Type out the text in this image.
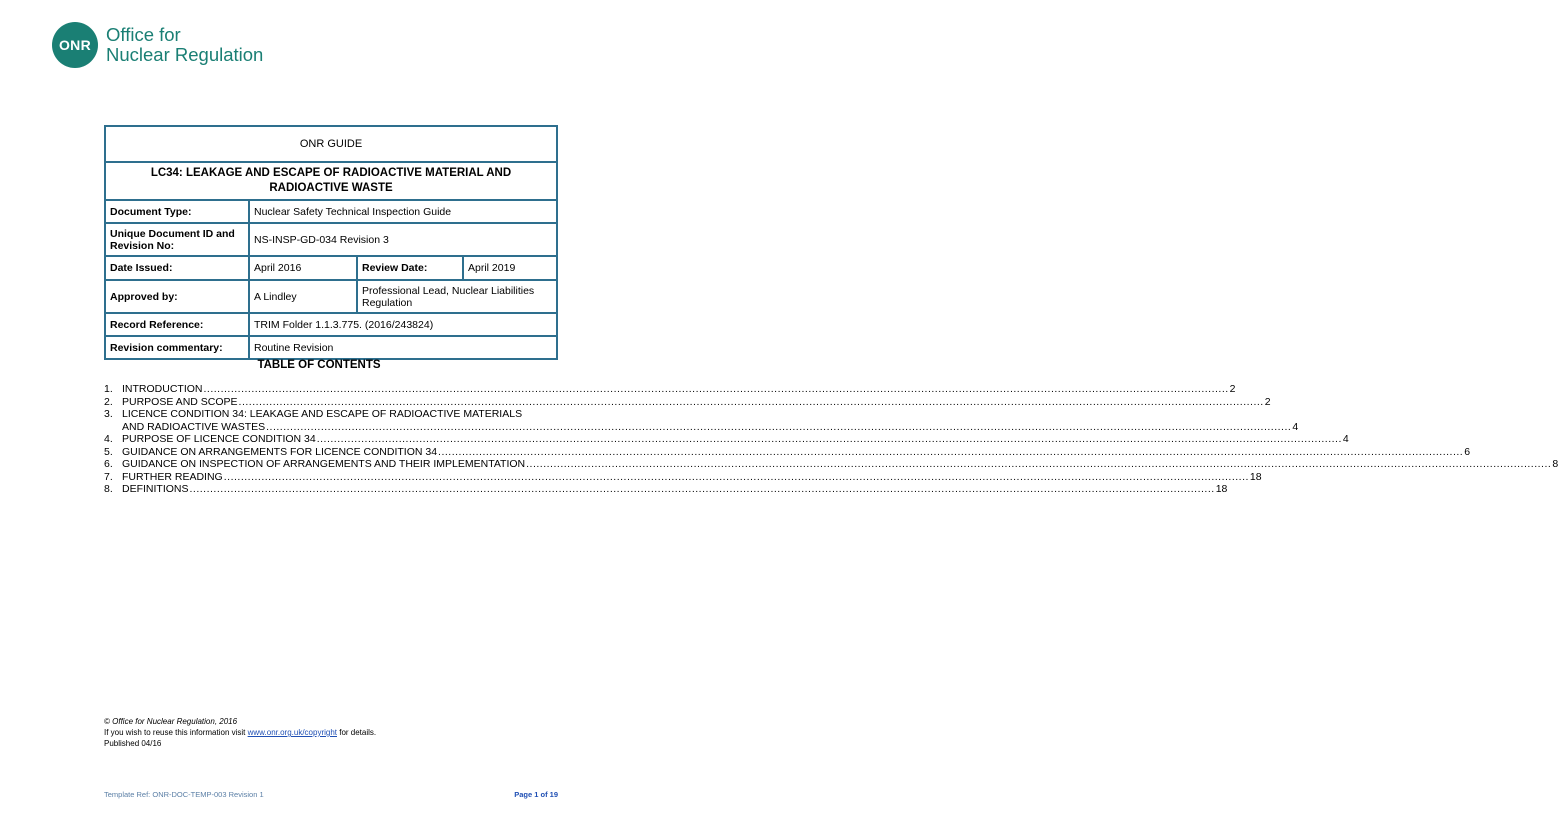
ONR Office for
Nuclear Regulation
ONR GUIDE			
LC34: LEAKAGE AND ESCAPE OF RADIOACTIVE MATERIAL AND RADIOACTIVE WASTE			
Document Type:	Nuclear Safety Technical Inspection Guide		
Unique Document ID and Revision No:	NS-INSP-GD-034 Revision 3		
Date Issued:	April 2016	Review Date:	April 2019
Approved by:	A Lindley	Professional Lead, Nuclear Liabilities Regulation	
Record Reference:	TRIM Folder 1.1.3.775. (2016/243824)		
Revision commentary:	Routine Revision		
TABLE OF CONTENTS
1. INTRODUCTION ............................................................................................................................................................................................................................................................................................................ 2
2. PURPOSE AND SCOPE ............................................................................................................................................................................................................................................................................................................ 2
3. LICENCE CONDITION 34: LEAKAGE AND ESCAPE OF RADIOACTIVE MATERIALS
AND RADIOACTIVE WASTES ............................................................................................................................................................................................................................................................................................................ 4
4. PURPOSE OF LICENCE CONDITION 34 ............................................................................................................................................................................................................................................................................................................ 4
5. GUIDANCE ON ARRANGEMENTS FOR LICENCE CONDITION 34 ............................................................................................................................................................................................................................................................................................................ 6
6. GUIDANCE ON INSPECTION OF ARRANGEMENTS AND THEIR IMPLEMENTATION ............................................................................................................................................................................................................................................................................................................ 8
7. FURTHER READING ............................................................................................................................................................................................................................................................................................................ 18
8. DEFINITIONS ............................................................................................................................................................................................................................................................................................................ 18
© Office for Nuclear Regulation, 2016
If you wish to reuse this information visit www.onr.org.uk/copyright for details.
Published 04/16
Template Ref: ONR-DOC-TEMP-003 Revision 1	Page 1 of 19
